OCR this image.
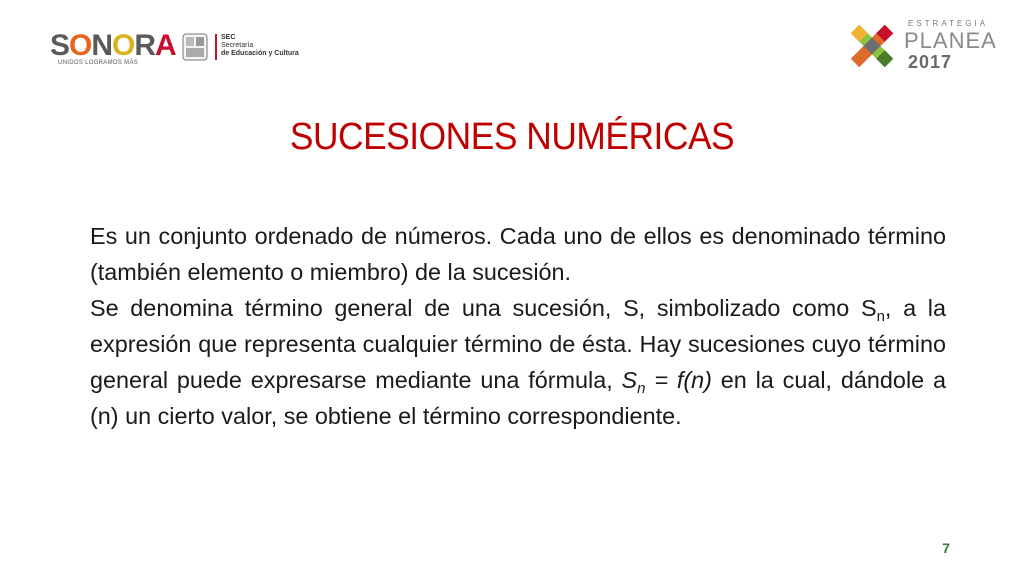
SONORA
UNIDOS LOGRAMOS MÁS
SEC
Secretaría
de Educación y Cultura
ESTRATEGIA
PLANEA
2017
SUCESIONES NUMÉRICAS

Es un conjunto ordenado de números. Cada uno de ellos es denominado término (también elemento o miembro) de la sucesión.

Se denomina término general de una sucesión, S, simbolizado como $S_n$, a la expresión que representa cualquier término de ésta. Hay sucesiones cuyo término general puede expresarse mediante una fórmula, $S_n = f(n)$ en la cual, dándole a (n) un cierto valor, se obtiene el término correspondiente.

7
